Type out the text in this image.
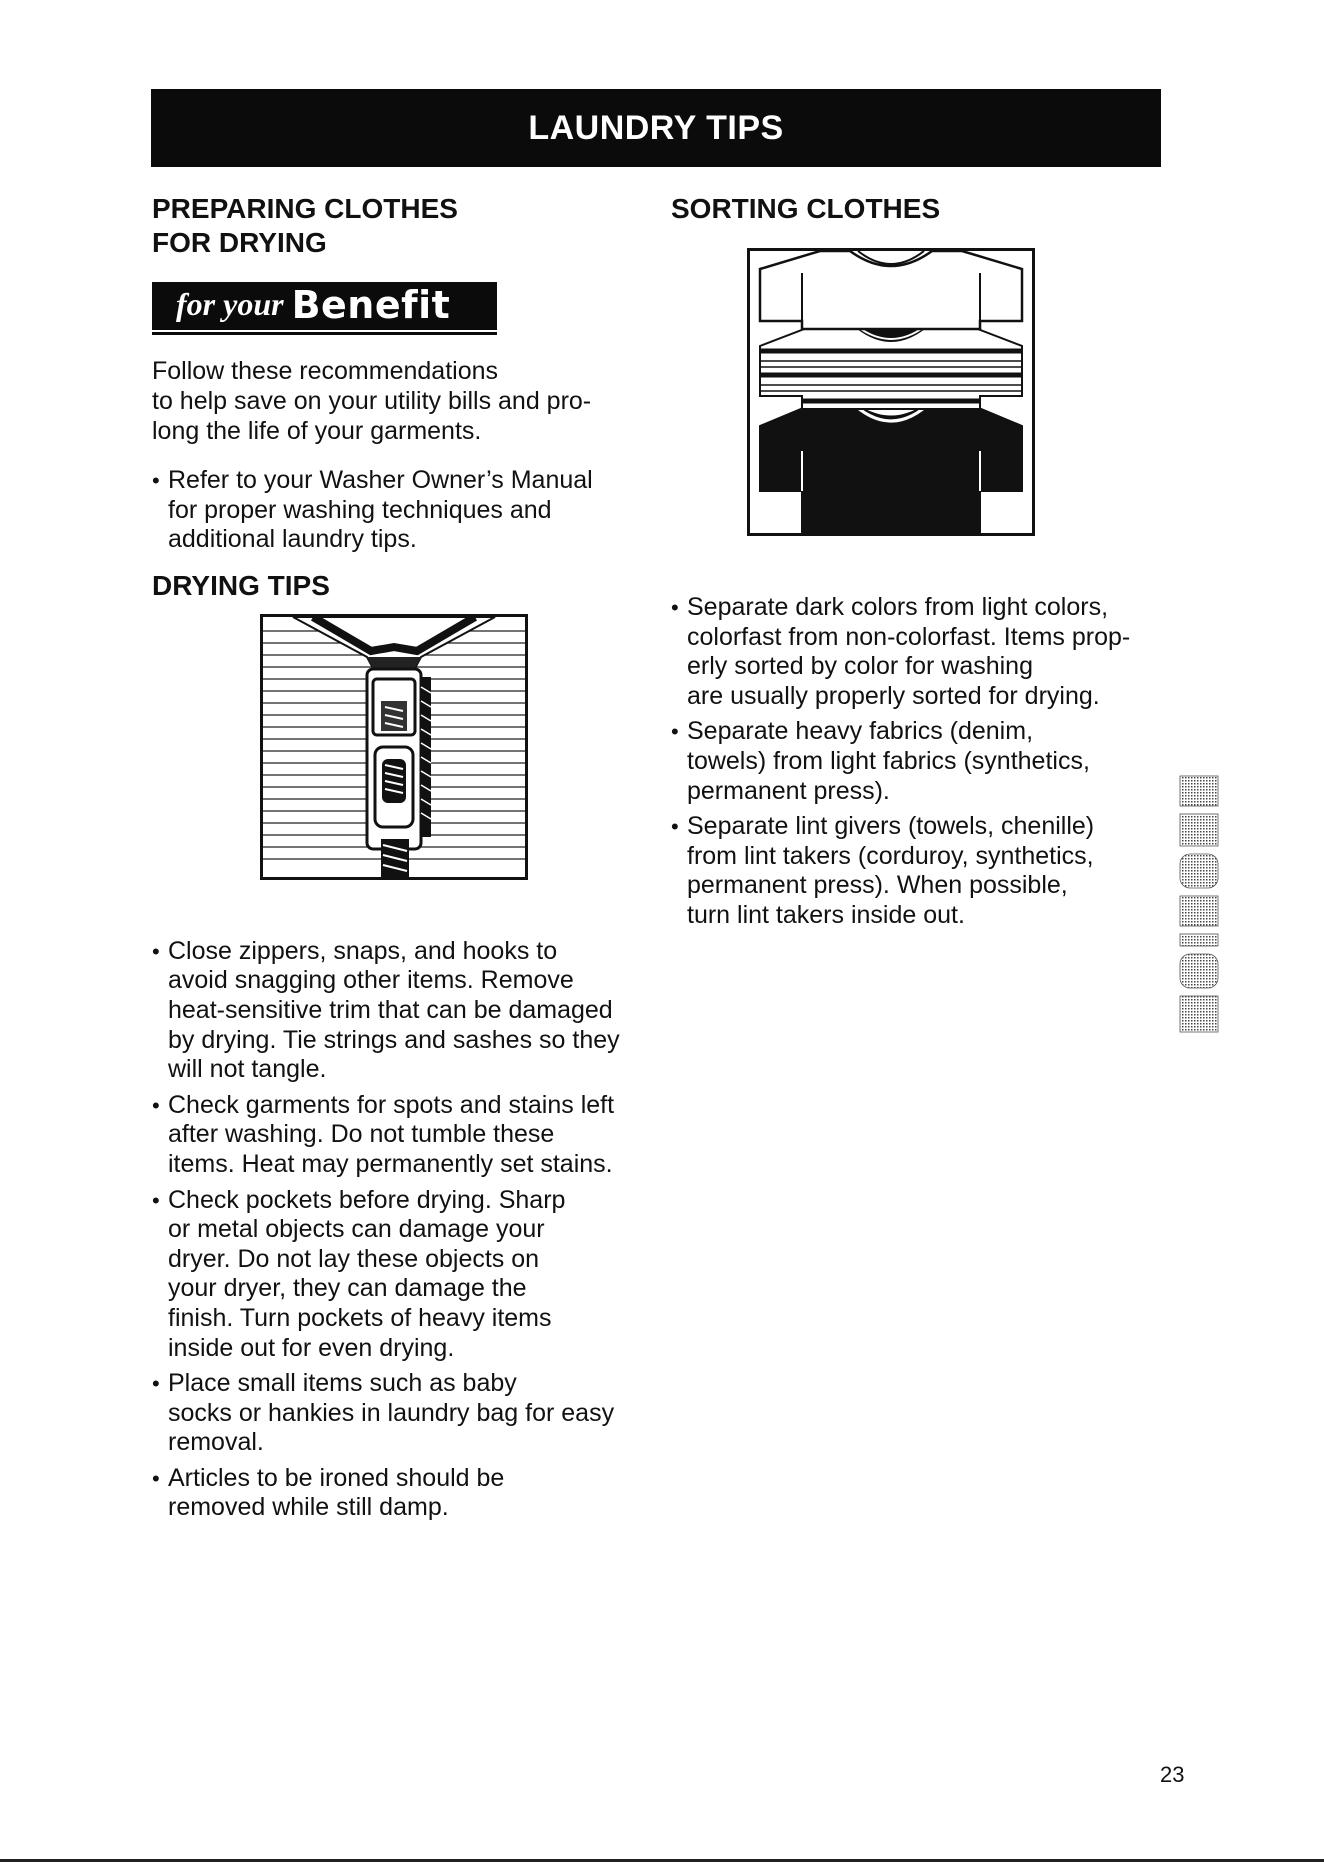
LAUNDRY TIPS
PREPARING CLOTHES
FOR DRYING
for your Benefit

Follow these recommendations
to help save on your utility bills and pro-
long the life of your garments.

• Refer to your Washer Owner’s Manual
for proper washing techniques and
additional laundry tips.
DRYING TIPS
• Close zippers, snaps, and hooks to
avoid snagging other items. Remove
heat-sensitive trim that can be damaged
by drying. Tie strings and sashes so they
will not tangle.
• Check garments for spots and stains left
after washing. Do not tumble these
items. Heat may permanently set stains.
• Check pockets before drying. Sharp
or metal objects can damage your
dryer. Do not lay these objects on
your dryer, they can damage the
finish. Turn pockets of heavy items
inside out for even drying.
• Place small items such as baby
socks or hankies in laundry bag for easy
removal.
• Articles to be ironed should be
removed while still damp.
SORTING CLOTHES
• Separate dark colors from light colors,
colorfast from non-colorfast. Items prop-
erly sorted by color for washing
are usually properly sorted for drying.
• Separate heavy fabrics (denim,
towels) from light fabrics (synthetics,
permanent press).
• Separate lint givers (towels, chenille)
from lint takers (corduroy, synthetics,
permanent press). When possible,
turn lint takers inside out.
23
